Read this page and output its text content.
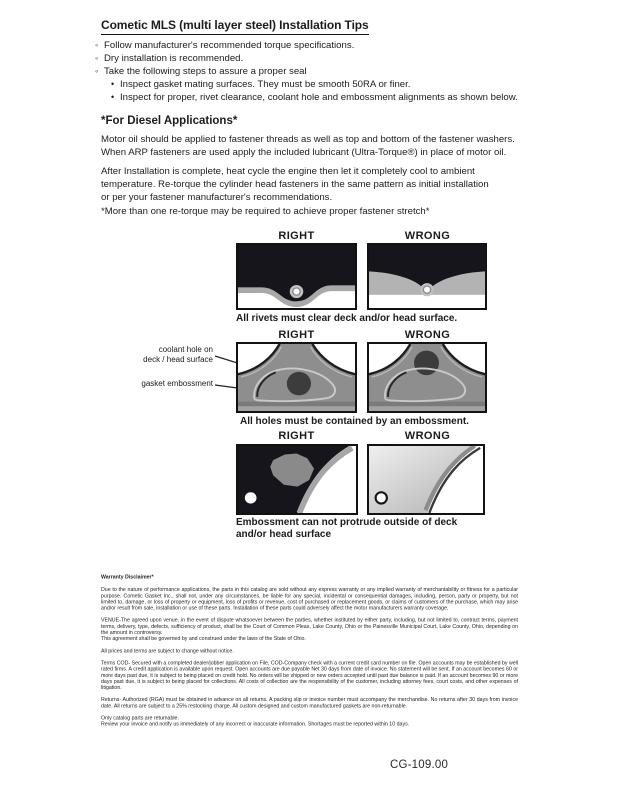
Cometic MLS (multi layer steel) Installation Tips
◦ Follow manufacturer's recommended torque specifications.
◦ Dry installation is recommended.
◦ Take the following steps to assure a proper seal
• Inspect gasket mating surfaces. They must be smooth 50RA or finer.
• Inspect for proper, rivet clearance, coolant hole and embossment alignments as shown below.
*For Diesel Applications*
Motor oil should be applied to fastener threads as well as top and bottom of the fastener washers.
When ARP fasteners are used apply the included lubricant (Ultra-Torque®) in place of motor oil.
After Installation is complete, heat cycle the engine then let it completely cool to ambient
temperature. Re-torque the cylinder head fasteners in the same pattern as initial installation
or per your fastener manufacturer's recommendations.
*More than one re-torque may be required to achieve proper fastener stretch*
RIGHT	WRONG
All rivets must clear deck and/or head surface.
RIGHT	WRONG
coolant hole on
deck / head surface
gasket embossment
All holes must be contained by an embossment.
RIGHT	WRONG
Embossment can not protrude outside of deck
and/or head surface
Warranty Disclaimer*
Due to the nature of performance applications, the parts in this catalog are sold without any express warranty or any implied warranty of merchantability or fitness for a particular purpose. Cometic Gasket Inc., shall not, under any circumstances, be liable for any special, incidental or consequential damages, including, person, party or property, but not limited to, damage, or loss of property or equipment, loss of profits or revenue, cost of purchased or replacement goods, or claims of customers of the purchase, which may arise and/or result from sale, installation or use of these parts. Installation of these parts could adversely affect the motor manufacturers warranty coverage.
VENUE-The agreed upon venue, in the event of dispute whatsoever between the parties, whether instituted by either party, including, but not limited to, contract terms, payment terms, delivery, type, defects, sufficiency of product, shall be the Court of Common Pleas, Lake County, Ohio or the Painesville Municipal Court, Lake County, Ohio, depending on the amount in controversy.
This agreement shall be governed by and construed under the laws of the State of Ohio.
All prices and terms are subject to change without notice.
Terms COD- Secured with a completed dealer/jobber application on File, COD-Company check with a current credit card number on file. Open accounts may be established by well rated firms. A credit application is available upon request. Open accounts are due payable Net 30 days from date of invoice. No statement will be sent. If an account becomes 60 or more days past due, it is subject to being placed on credit hold. No orders will be shipped or new orders accepted until past due balance is paid. If an account becomes 90 or more days past due, it is subject to being placed for collections. All costs of collection are the responsibility of the customer, including attorney fees, court costs, and other expenses of litigation.
Returns- Authorized (RGA) must be obtained in advance on all returns. A packing slip or invoice number must accompany the merchandise. No returns after 30 days from invoice date. All returns are subject to a 25% restocking charge. All custom designed and custom manufactured gaskets are non-returnable.
Only catalog parts are returnable.
Review your invoice and notify us immediately of any incorrect or inaccurate information. Shortages must be reported within 10 days.
CG-109.00
